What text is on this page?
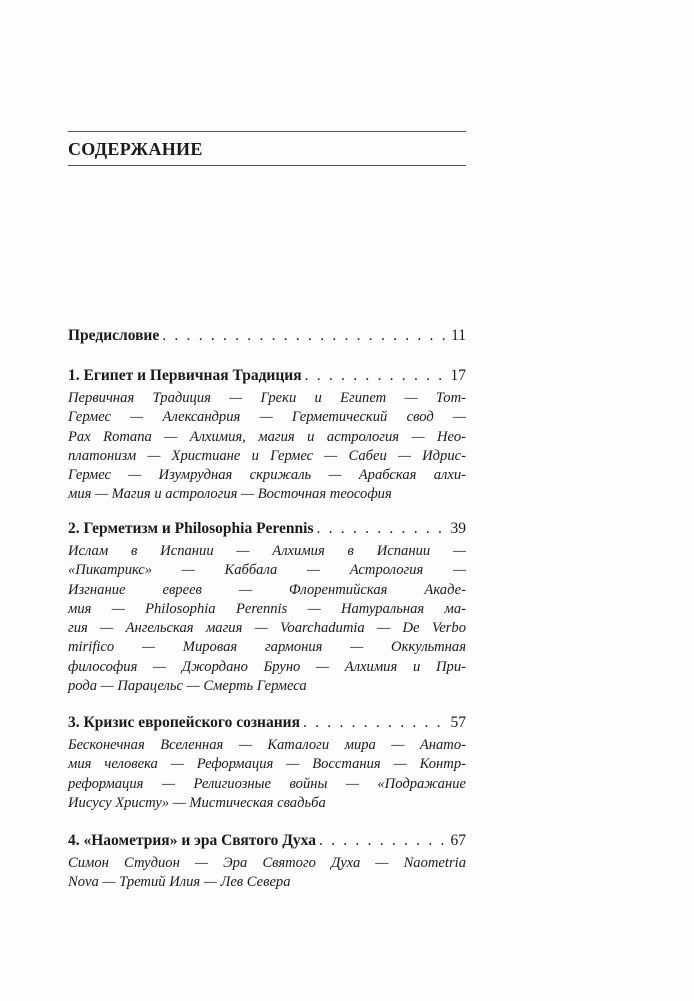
СОДЕРЖАНИЕ
Предисловие . . .	11
1. Египет и Первичная Традиция . . .	17
Первичная Традиция — Греки и Египет — Тот-
Гермес — Александрия — Герметический свод —
Pax Romana — Алхимия, магия и астрология — Нео-
платонизм — Христиане и Гермес — Сабеи — Идрис-
Гермес — Изумрудная скрижаль — Арабская алхи-
мия — Магия и астрология — Восточная теософия
2. Герметизм и Philosophia Perennis . . .	39
Ислам в Испании — Алхимия в Испании —
«Пикатрикс» — Каббала — Астрология —
Изгнание евреев — Флорентийская Акаде-
мия — Philosophia Perennis — Натуральная ма-
гия — Ангельская магия — Voarchadumia — De Verbo
mirifico — Мировая гармония — Оккультная
философия — Джордано Бруно — Алхимия и При-
рода — Парацельс — Смерть Гермеса
3. Кризис европейского сознания . . .	57
Бесконечная Вселенная — Каталоги мира — Анато-
мия человека — Реформация — Восстания — Контр-
реформация — Религиозные войны — «Подражание
Иисусу Христу» — Мистическая свадьба
4. «Наометрия» и эра Святого Духа . . .	67
Симон Студион — Эра Святого Духа — Naometria
Nova — Третий Илия — Лев Севера
